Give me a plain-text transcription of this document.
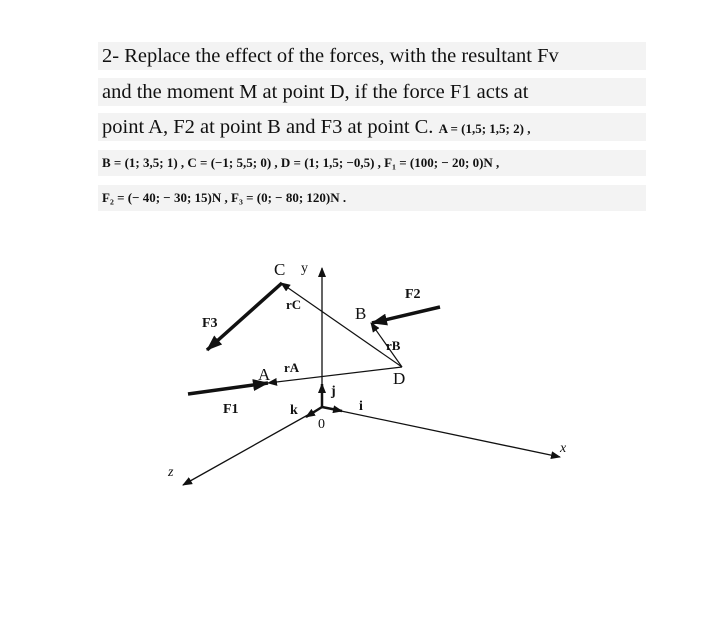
2- Replace the effect of the forces, with the resultant Fv
and the moment M at point D, if the force F1 acts at
point A, F2 at point B and F3 at point C. A = (1,5; 1,5; 2) ,
B = (1; 3,5; 1) , C = (−1; 5,5; 0) , D = (1; 1,5; −0,5) , F₁ = (100; − 20; 0)N ,
F₂ = (− 40; − 30; 15)N , F₃ = (0; − 80; 120)N .
C y
rC	B
F2
F3
rB
A rA
D
F1
j
k	i
0
x
z
